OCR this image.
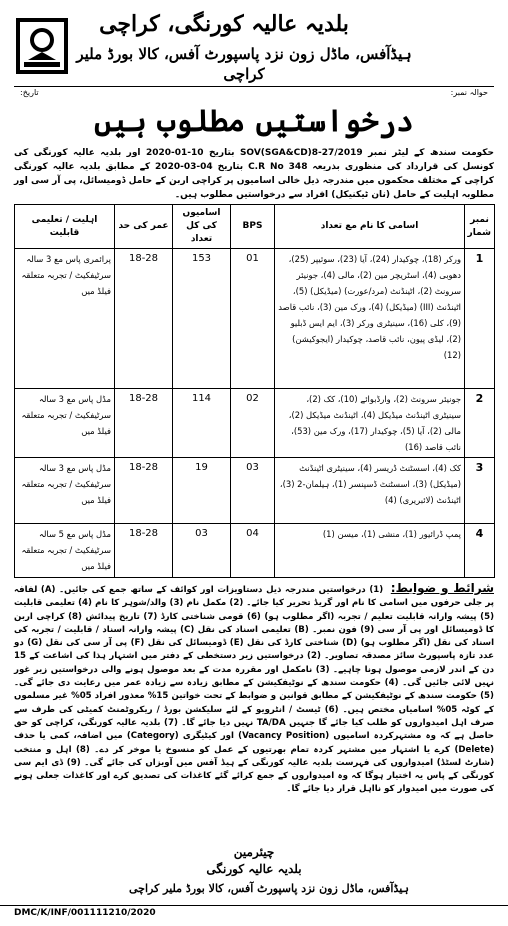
بلدیہ عالیہ کورنگی، کراچی
ہیڈآفس، ماڈل زون نزد پاسپورٹ آفس، کالا بورڈ ملیر کراچی
حوالہ نمبر:
تاریخ:
درخواستیں مطلوب ہیں
حکومت سندھ کے لیٹر نمبر SOV(SGA&CD)8-27/2019 بتاریخ 10-01-2020 اور بلدیہ عالیہ کورنگی کی کونسل کی قرارداد کی منظوری بذریعہ C.R No 348 بتاریخ 04-03-2020 کے مطابق بلدیہ عالیہ کورنگی کراچی کے مختلف محکموں میں مندرجہ ذیل خالی اسامیوں پر کراچی اربن کے حامل ڈومیسائل، پی آر سی اور مطلوبہ اہلیت کے حامل (نان ٹیکنیکل) افراد سے درخواستیں مطلوب ہیں۔
نمبر شمار	اسامی کا نام مع تعداد	BPS	اسامیوں کی کل تعداد	عمر کی حد	اہلیت / تعلیمی قابلیت
1	ورکر (18)، چوکیدار (24)، آیا (23)، سوئیپر (25)، دھوبی (4)، اسٹریچر مین (2)، مالی (4)، جونیئر سرونٹ (2)، اٹینڈنٹ (مرد/عورت) (میڈیکل) (5)، اٹینڈنٹ (III) (میڈیکل) (4)، ورک مین (3)، نائب قاصد (9)، کلی (16)، سینیٹری ورکر (3)، ایم ایس ڈبلیو (2)، لیڈی پیون، نائب قاصد، چوکیدار (ایجوکیشن) (12)	01	153	18-28	پرائمری پاس مع 3 سالہ سرٹیفکیٹ / تجربہ متعلقہ فیلڈ میں
2	جونیئر سرونٹ (2)، وارڈبوائے (10)، کک (2)، سینیٹری اٹینڈنٹ میڈیکل (4)، اٹینڈنٹ میڈیکل (2)، مالی (2)، آیا (5)، چوکیدار (17)، ورک مین (53)، نائب قاصد (16)	02	114	18-28	مڈل پاس مع 3 سالہ سرٹیفکیٹ / تجربہ متعلقہ فیلڈ میں
3	کک (4)، اسسٹنٹ ڈریسر (4)، سینیٹری اٹینڈنٹ (میڈیکل) (3)، اسسٹنٹ ڈسپنسر (1)، ہیلمان-2 (3)، اٹینڈنٹ (لائبریری) (4)	03	19	18-28	مڈل پاس مع 3 سالہ سرٹیفکیٹ / تجربہ متعلقہ فیلڈ میں
4	پمپ ڈرائیور (1)، منشی (1)، میسن (1)	04	03	18-28	مڈل پاس مع 5 سالہ سرٹیفکیٹ / تجربہ متعلقہ فیلڈ میں
شرائط و ضوابط: (1) درخواستیں مندرجہ ذیل دستاویزات اور کوائف کے ساتھ جمع کی جائیں۔ (A) لفافہ پر جلی حرفوں میں اسامی کا نام اور گریڈ تحریر کیا جائے۔ (2) مکمل نام (3) والد/شوہر کا نام (4) تعلیمی قابلیت (5) پیشہ وارانہ قابلیت تعلیم / تجربہ (اگر مطلوب ہو) (6) قومی شناختی کارڈ (7) تاریخ پیدائش (8) کراچی اربن کا ڈومیسائل اور پی آر سی (9) فون نمبر۔ (B) تعلیمی اسناد کی نقل (C) پیشہ وارانہ اسناد / قابلیت / تجربہ کی اسناد کی نقل (اگر مطلوب ہو) (D) شناختی کارڈ کی نقل (E) ڈومیسائل کی نقل (F) پی آر سی کی نقل (G) دو عدد تازہ پاسپورٹ سائز مصدقہ تصاویر۔ (2) درخواستیں زیر دستخطی کے دفتر میں اشتہار ہذا کی اشاعت کے 15 دن کے اندر لازمی موصول ہونا چاہیے۔ (3) نامکمل اور مقررہ مدت کے بعد موصول ہونے والی درخواستیں زیر غور نہیں لائی جائیں گی۔ (4) حکومت سندھ کے نوٹیفکیشن کے مطابق زیادہ سے زیادہ عمر میں رعایت دی جائے گی۔ (5) حکومت سندھ کے نوٹیفکیشن کے مطابق قوانین و ضوابط کے تحت خواتین 15% معذور افراد 05% غیر مسلموں کے کوٹہ 05% اسامیاں مختص ہیں۔ (6) ٹیسٹ / انٹرویو کے لئے سلیکشن بورڈ / ریکروٹمنٹ کمیٹی کی طرف سے صرف اہل امیدواروں کو طلب کیا جائے گا جنہیں TA/DA نہیں دیا جائے گا۔ (7) بلدیہ عالیہ کورنگی، کراچی کو حق حاصل ہے کہ وہ مشتہرکردہ اسامیوں (Vacancy Position) اور کیٹیگری (Category) میں اضافہ، کمی یا حذف (Delete) کرے یا اشتہار میں مشتہر کردہ تمام بھرتیوں کے عمل کو منسوخ یا موخر کر دے۔ (8) اہل و منتخب (شارٹ لسٹڈ) امیدواروں کی فہرست بلدیہ عالیہ کورنگی کے ہیڈ آفس میں آویزاں کی جائے گی۔ (9) ڈی ایم سی کورنگی کے پاس یہ اختیار ہوگا کہ وہ امیدواروں کے جمع کرائے گئے کاغذات کی تصدیق کرے اور کاغذات جعلی ہونے کی صورت میں امیدوار کو نااہل قرار دیا جائے گا۔
چیئرمین
بلدیہ عالیہ کورنگی
ہیڈآفس، ماڈل زون نزد پاسپورٹ آفس، کالا بورڈ ملیر کراچی
DMC/K/INF/001111210/2020
